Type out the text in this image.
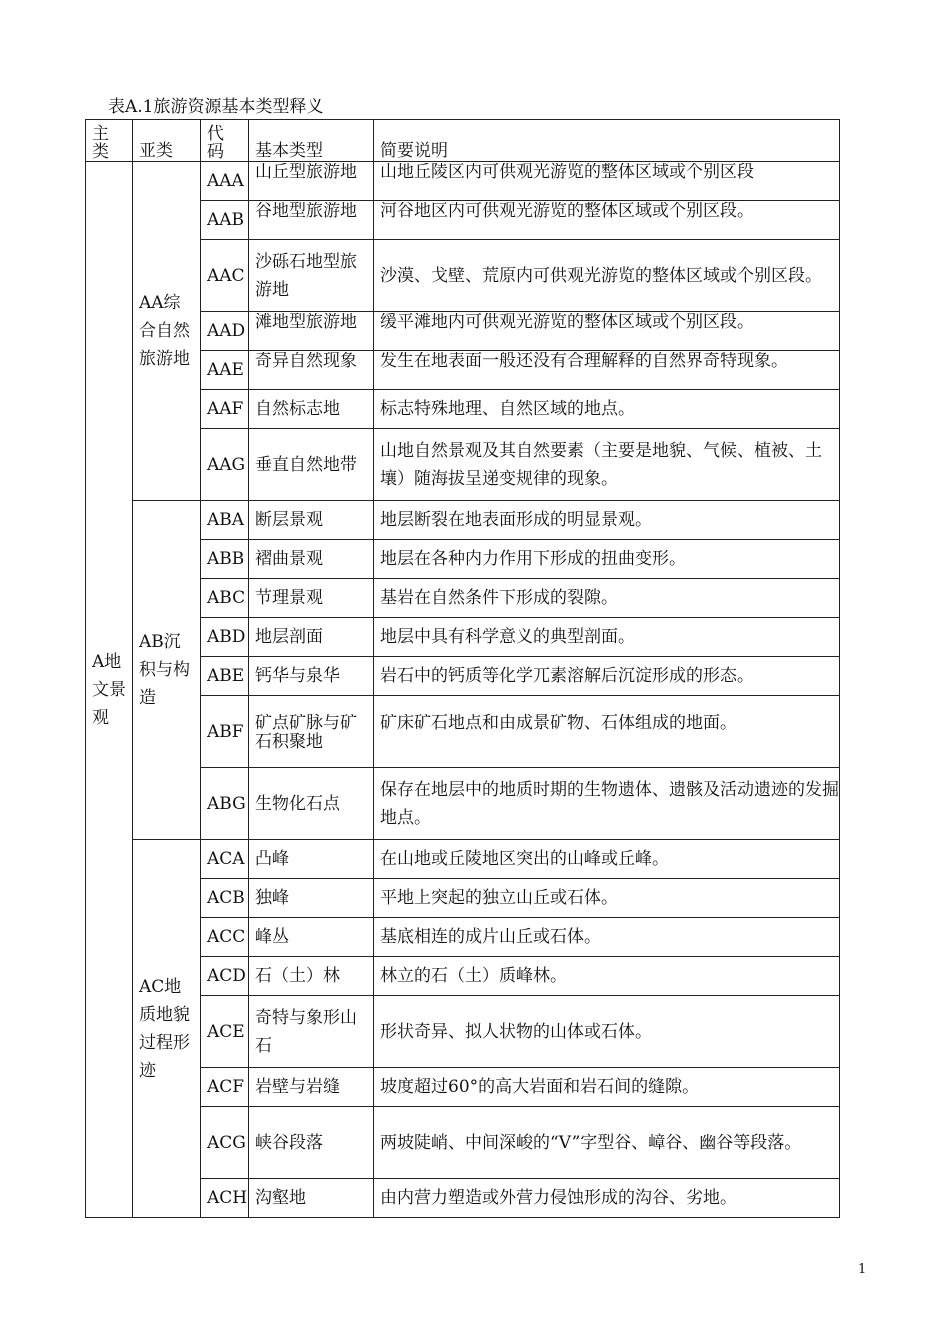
表A.1旅游资源基本类型释义
主类	亚类	代码	基本类型	简要说明

A地文景观	AA综合自然旅游地	AAA	山丘型旅游地	山地丘陵区内可供观光游览的整体区域或个别区段

		AAB	谷地型旅游地	河谷地区内可供观光游览的整体区域或个别区段。

		AAC	沙砾石地型旅游地	沙漠、戈壁、荒原内可供观光游览的整体区域或个别区段。
		AAD	滩地型旅游地	缓平滩地内可供观光游览的整体区域或个别区段。

		AAE	奇异自然现象	发生在地表面一般还没有合理解释的自然界奇特现象。

		AAF	自然标志地	标志特殊地理、自然区域的地点。
		AAG	垂直自然地带	山地自然景观及其自然要素（主要是地貌、气候、植被、土壤）随海拔呈递变规律的现象。

	AB沉积与构造	ABA	断层景观	地层断裂在地表面形成的明显景观。
		ABB	褶曲景观	地层在各种内力作用下形成的扭曲变形。
		ABC	节理景观	基岩在自然条件下形成的裂隙。
		ABD	地层剖面	地层中具有科学意义的典型剖面。
		ABE	钙华与泉华	岩石中的钙质等化学兀素溶解后沉淀形成的形态。
		ABF	矿点矿脉与矿石积聚地	矿床矿石地点和由成景矿物、石体组成的地面。

		ABG	生物化石点	保存在地层中的地质时期的生物遗体、遗骸及活动遗迹的发掘地点。

	AC地质地貌过程形迹	ACA	凸峰	在山地或丘陵地区突出的山峰或丘峰。
		ACB	独峰	平地上突起的独立山丘或石体。
		ACC	峰丛	基底相连的成片山丘或石体。
		ACD	石（土）林	林立的石（土）质峰林。
		ACE	奇特与象形山石	形状奇异、拟人状物的山体或石体。
		ACF	岩壁与岩缝	坡度超过60°的高大岩面和岩石间的缝隙。
		ACG	峡谷段落	两坡陡峭、中间深峻的“V”字型谷、嶂谷、幽谷等段落。
		ACH	沟壑地	由内营力塑造或外营力侵蚀形成的沟谷、劣地。
1
